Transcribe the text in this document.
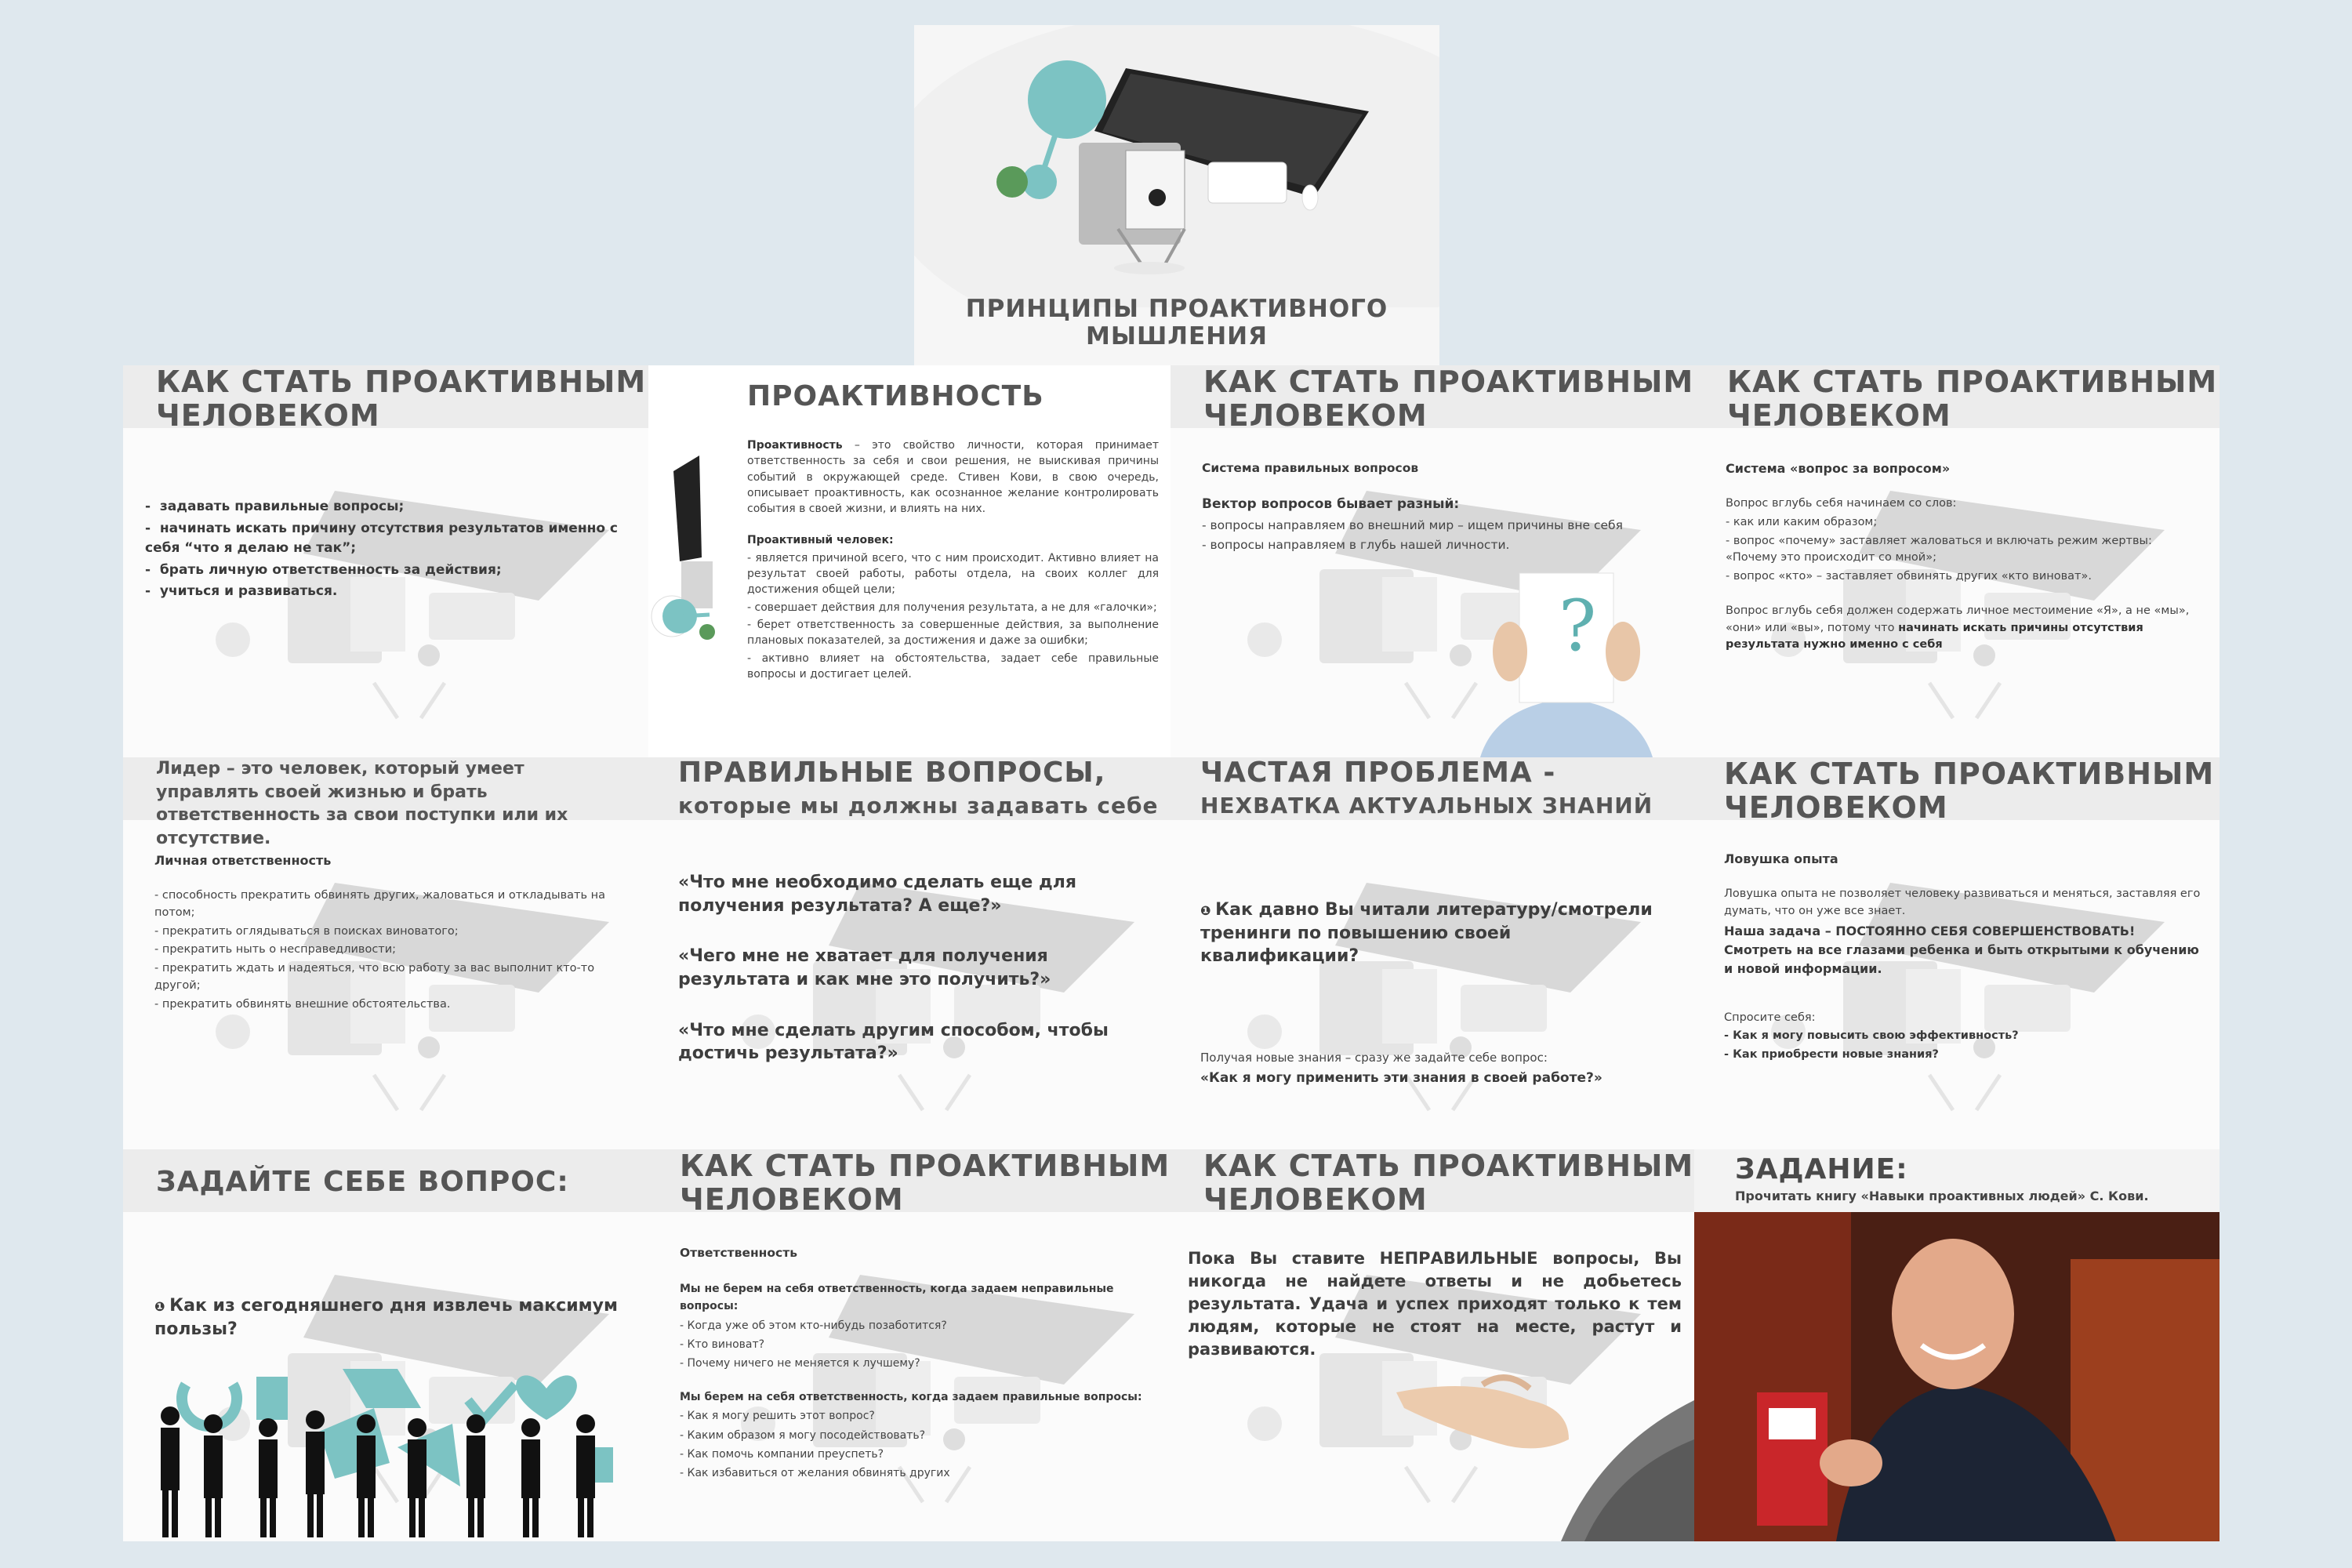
ПРИНЦИПЫ ПРОАКТИВНОГО МЫШЛЕНИЯ
КАК СТАТЬ ПРОАКТИВНЫМ
ЧЕЛОВЕКОМ

-  задавать правильные вопросы;

-  начинать искать причину отсутствия результатов именно с себя “что я делаю не так”;

-  брать личную ответственность за действия;

-  учиться и развиваться.

ПРОАКТИВНОСТЬ

Проактивность – это свойство личности, которая принимает ответственность за себя и свои решения, не выискивая причины событий в окружающей среде. Стивен Кови, в свою очередь, описывает проактивность, как осознанное желание контролировать события в своей жизни, и влиять на них.

Проактивный человек:

- является причиной всего, что с ним происходит. Активно влияет на результат своей работы, работы отдела, на своих коллег для достижения общей цели;

- совершает действия для получения результата, а не для «галочки»;

- берет ответственность за совершенные действия, за выполнение плановых показателей, за достижения и даже за ошибки;

- активно влияет на обстоятельства, задает себе правильные вопросы и достигает целей.

КАК СТАТЬ ПРОАКТИВНЫМ
ЧЕЛОВЕКОМ

Система правильных вопросов

Вектор вопросов бывает разный:

- вопросы направляем во внешний мир – ищем причины вне себя

- вопросы направляем в глубь нашей личности.

?
КАК СТАТЬ ПРОАКТИВНЫМ
ЧЕЛОВЕКОМ

Система «вопрос за вопросом»

Вопрос вглубь себя начинаем со слов:

- как или каким образом;

- вопрос «почему» заставляет жаловаться и включать режим жертвы: «Почему это происходит со мной»;

- вопрос «кто» – заставляет обвинять других «кто виноват».

Вопрос вглубь себя должен содержать личное местоимение «Я», а не «мы», «они» или «вы», потому что начинать искать причины отсутствия результата нужно именно с себя

Лидер – это человек, который умеет управлять своей жизнью и брать ответственность за свои поступки или их отсутствие.

Личная ответственность

- способность прекратить обвинять других, жаловаться и откладывать на потом;

- прекратить оглядываться в поисках виноватого;

- прекратить ныть о несправедливости;

- прекратить ждать и надеяться, что всю работу за вас выполнит кто-то другой;

- прекратить обвинять внешние обстоятельства.

ПРАВИЛЬНЫЕ ВОПРОСЫ,
которые мы должны задавать себе

«Что мне необходимо сделать еще для получения результата? А еще?»

«Чего мне не хватает для получения результата и как мне это получить?»

«Что мне сделать другим способом, чтобы достичь результата?»

ЧАСТАЯ ПРОБЛЕМА -
НЕХВАТКА АКТУАЛЬНЫХ ЗНАНИЙ
❶ Как давно Вы читали литературу/смотрели тренинги по повышению своей квалификации?

Получая новые знания – сразу же задайте себе вопрос:

«Как я могу применить эти знания в своей работе?»

КАК СТАТЬ ПРОАКТИВНЫМ
ЧЕЛОВЕКОМ

Ловушка опыта

Ловушка опыта не позволяет человеку развиваться и меняться, заставляя его думать, что он уже все знает.

Наша задача – ПОСТОЯННО СЕБЯ СОВЕРШЕНСТВОВАТЬ! Смотреть на все глазами ребенка и быть открытыми к обучению и новой информации.

Спросите себя:

- Как я могу повысить свою эффективность?

- Как приобрести новые знания?

ЗАДАЙТЕ СЕБЕ ВОПРОС:
❶ Как из сегодняшнего дня извлечь максимум пользы?
КАК СТАТЬ ПРОАКТИВНЫМ
ЧЕЛОВЕКОМ

Ответственность

Мы не берем на себя ответственность, когда задаем неправильные вопросы:

- Когда уже об этом кто-нибудь позаботится?

- Кто виноват?

- Почему ничего не меняется к лучшему?

Мы берем на себя ответственность, когда задаем правильные вопросы:

- Как я могу решить этот вопрос?

- Каким образом я могу посодействовать?

- Как помочь компании преуспеть?

- Как избавиться от желания обвинять других

КАК СТАТЬ ПРОАКТИВНЫМ
ЧЕЛОВЕКОМ
Пока Вы ставите НЕПРАВИЛЬНЫЕ вопросы, Вы никогда не найдете ответы и не добьетесь результата. Удача и успех приходят только к тем людям, которые не стоят на месте, растут и развиваются.
ЗАДАНИЕ:
Прочитать книгу «Навыки проактивных людей» С. Кови.
